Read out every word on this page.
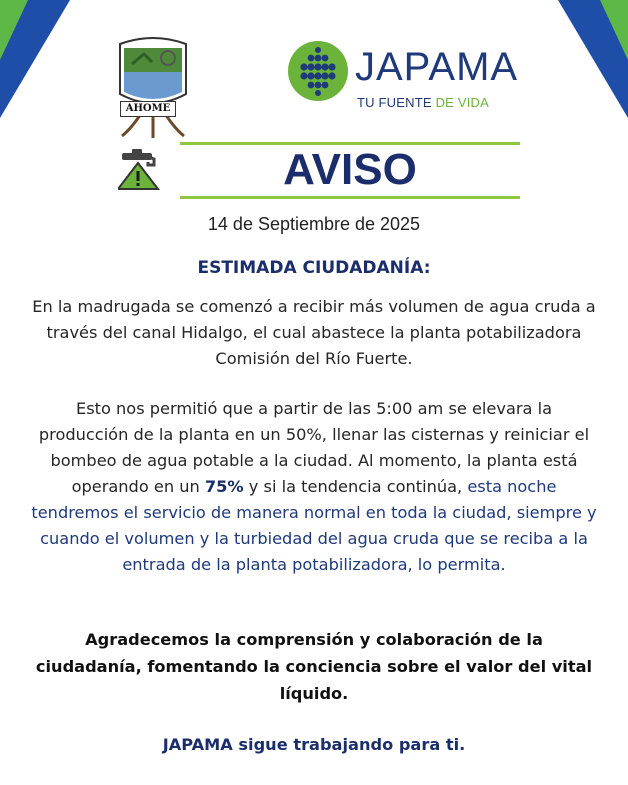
AHOME
JAPAMA
TU FUENTE DE VIDA
AVISO
14 de Septiembre de 2025
ESTIMADA CIUDADANÍA:
En la madrugada se comenzó a recibir más volumen de agua cruda a través del canal Hidalgo, el cual abastece la planta potabilizadora Comisión del Río Fuerte.
Esto nos permitió que a partir de las 5:00 am se elevara la producción de la planta en un 50%, llenar las cisternas y reiniciar el bombeo de agua potable a la ciudad. Al momento, la planta está operando en un 75% y si la tendencia continúa, esta noche tendremos el servicio de manera normal en toda la ciudad, siempre y cuando el volumen y la turbiedad del agua cruda que se reciba a la entrada de la planta potabilizadora, lo permita.
Agradecemos la comprensión y colaboración de la ciudadanía, fomentando la conciencia sobre el valor del vital líquido.
JAPAMA sigue trabajando para ti.
